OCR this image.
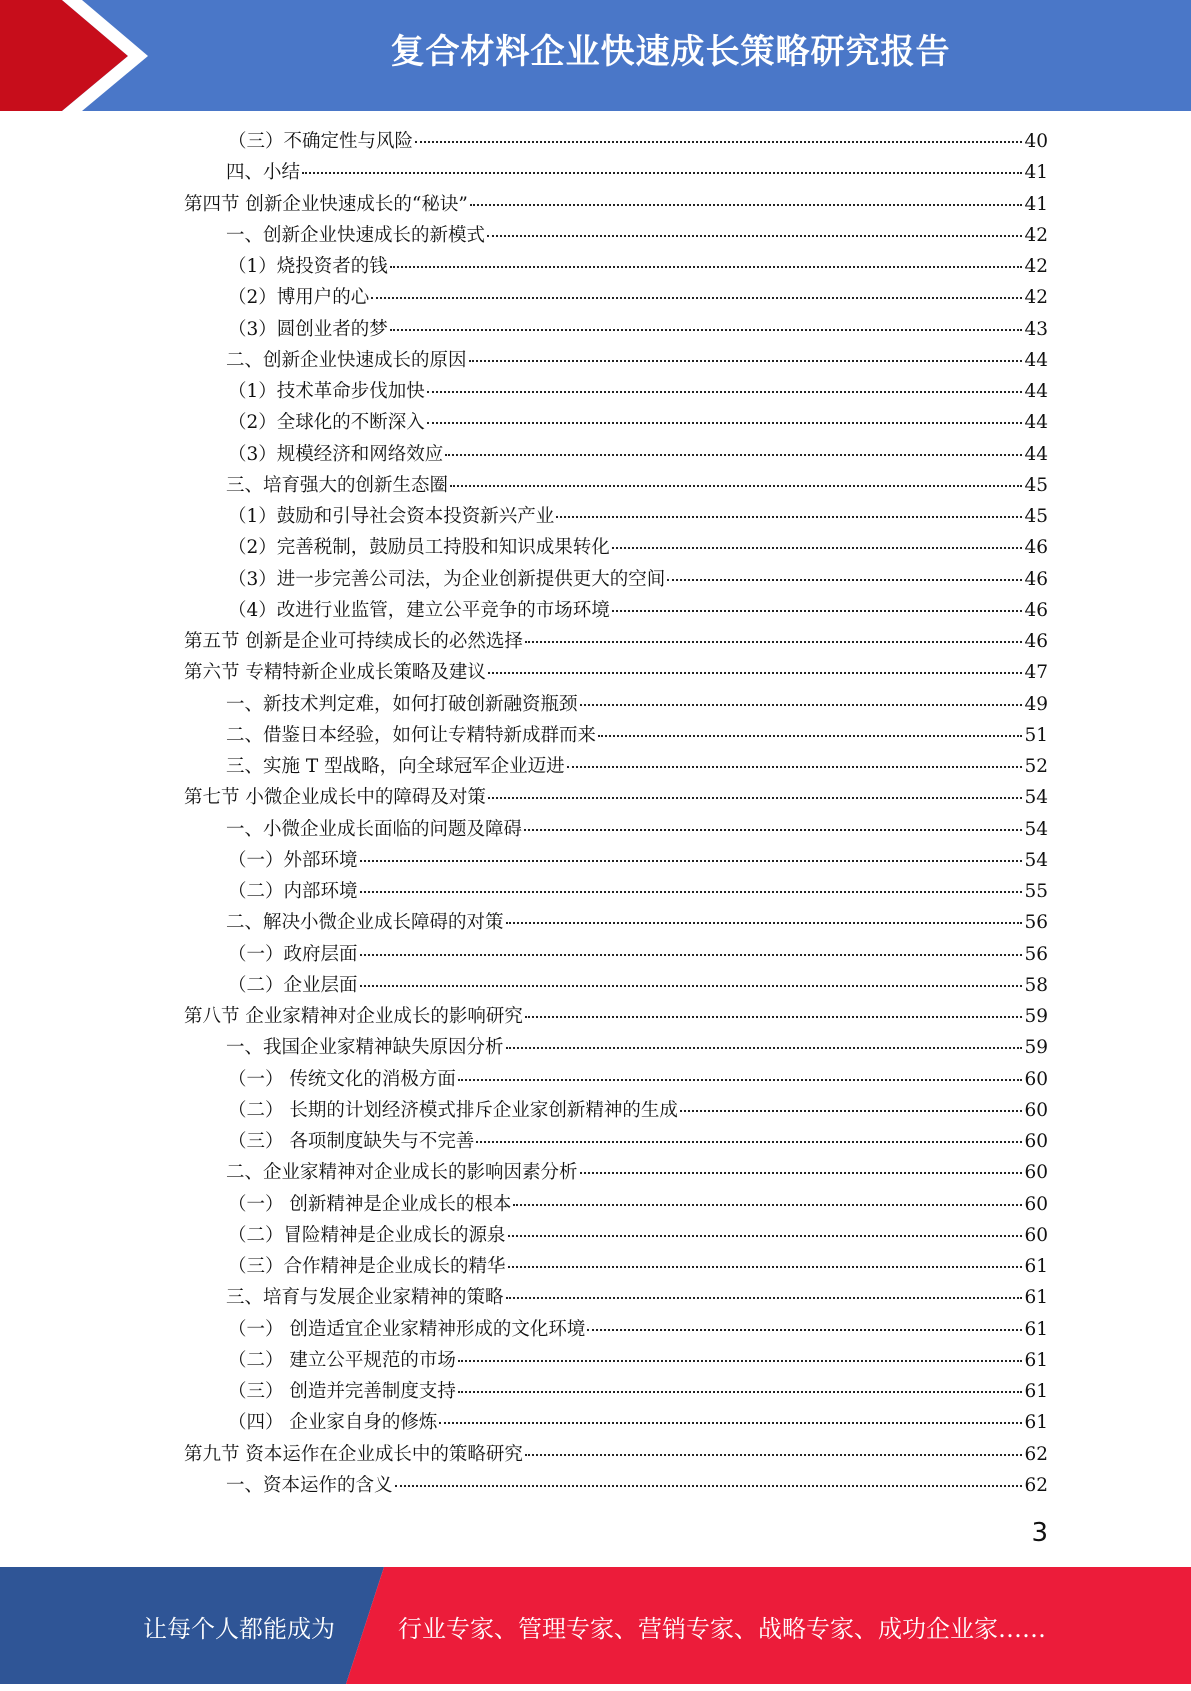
复合材料企业快速成长策略研究报告
（三）不确定性与风险	40
四、小结	41
第四节 创新企业快速成长的“秘诀”	41
一、创新企业快速成长的新模式	42
（1）烧投资者的钱	42
（2）博用户的心	42
（3）圆创业者的梦	43
二、创新企业快速成长的原因	44
（1）技术革命步伐加快	44
（2）全球化的不断深入	44
（3）规模经济和网络效应	44
三、培育强大的创新生态圈	45
（1）鼓励和引导社会资本投资新兴产业	45
（2）完善税制，鼓励员工持股和知识成果转化	46
（3）进一步完善公司法，为企业创新提供更大的空间	46
（4）改进行业监管，建立公平竞争的市场环境	46
第五节 创新是企业可持续成长的必然选择	46
第六节 专精特新企业成长策略及建议	47
一、新技术判定难，如何打破创新融资瓶颈	49
二、借鉴日本经验，如何让专精特新成群而来	51
三、实施 T 型战略，向全球冠军企业迈进	52
第七节 小微企业成长中的障碍及对策	54
一、小微企业成长面临的问题及障碍	54
（一）外部环境	54
（二）内部环境	55
二、解决小微企业成长障碍的对策	56
（一）政府层面	56
（二）企业层面	58
第八节 企业家精神对企业成长的影响研究	59
一、我国企业家精神缺失原因分析	59
（一） 传统文化的消极方面	60
（二） 长期的计划经济模式排斥企业家创新精神的生成	60
（三） 各项制度缺失与不完善	60
二、企业家精神对企业成长的影响因素分析	60
（一） 创新精神是企业成长的根本	60
（二）冒险精神是企业成长的源泉	60
（三）合作精神是企业成长的精华	61
三、培育与发展企业家精神的策略	61
（一） 创造适宜企业家精神形成的文化环境	61
（二） 建立公平规范的市场	61
（三） 创造并完善制度支持	61
（四） 企业家自身的修炼	61
第九节 资本运作在企业成长中的策略研究	62
一、资本运作的含义	62
3
让每个人都能成为	行业专家、管理专家、营销专家、战略专家、成功企业家……
